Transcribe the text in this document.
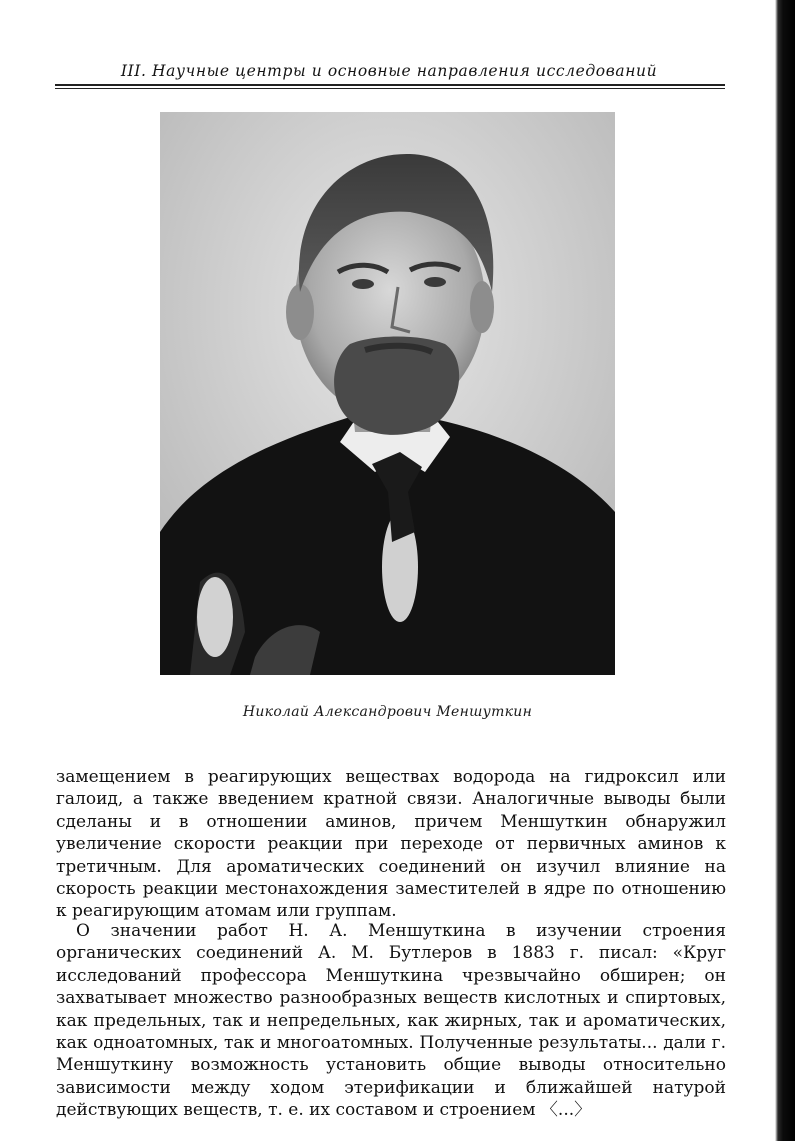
III. Научные центры и основные направления исследований
Николай Александрович Меншуткин

замещением в реагирующих веществах водорода на гидроксил или галоид, а также введением кратной связи. Аналогичные выводы были сделаны и в отношении аминов, причем Меншуткин обнаружил увеличение скорости реакции при переходе от первичных аминов к третичным. Для ароматических соединений он изучил влияние на скорость реакции местонахождения заместителей в ядре по отношению к реагирующим атомам или группам.

О значении работ Н. А. Меншуткина в изучении строения органических соединений А. М. Бутлеров в 1883 г. писал: «Круг исследований профессора Меншуткина чрезвычайно обширен; он захватывает множество разнообразных веществ кислотных и спиртовых, как предельных, так и непредельных, как жирных, так и ароматических, как одноатомных, так и многоатомных. Полученные результаты... дали г. Меншуткину возможность установить общие выводы относительно зависимости между ходом этерификации и ближайшей натурой действующих веществ, т. е. их составом и строением 〈...〉
